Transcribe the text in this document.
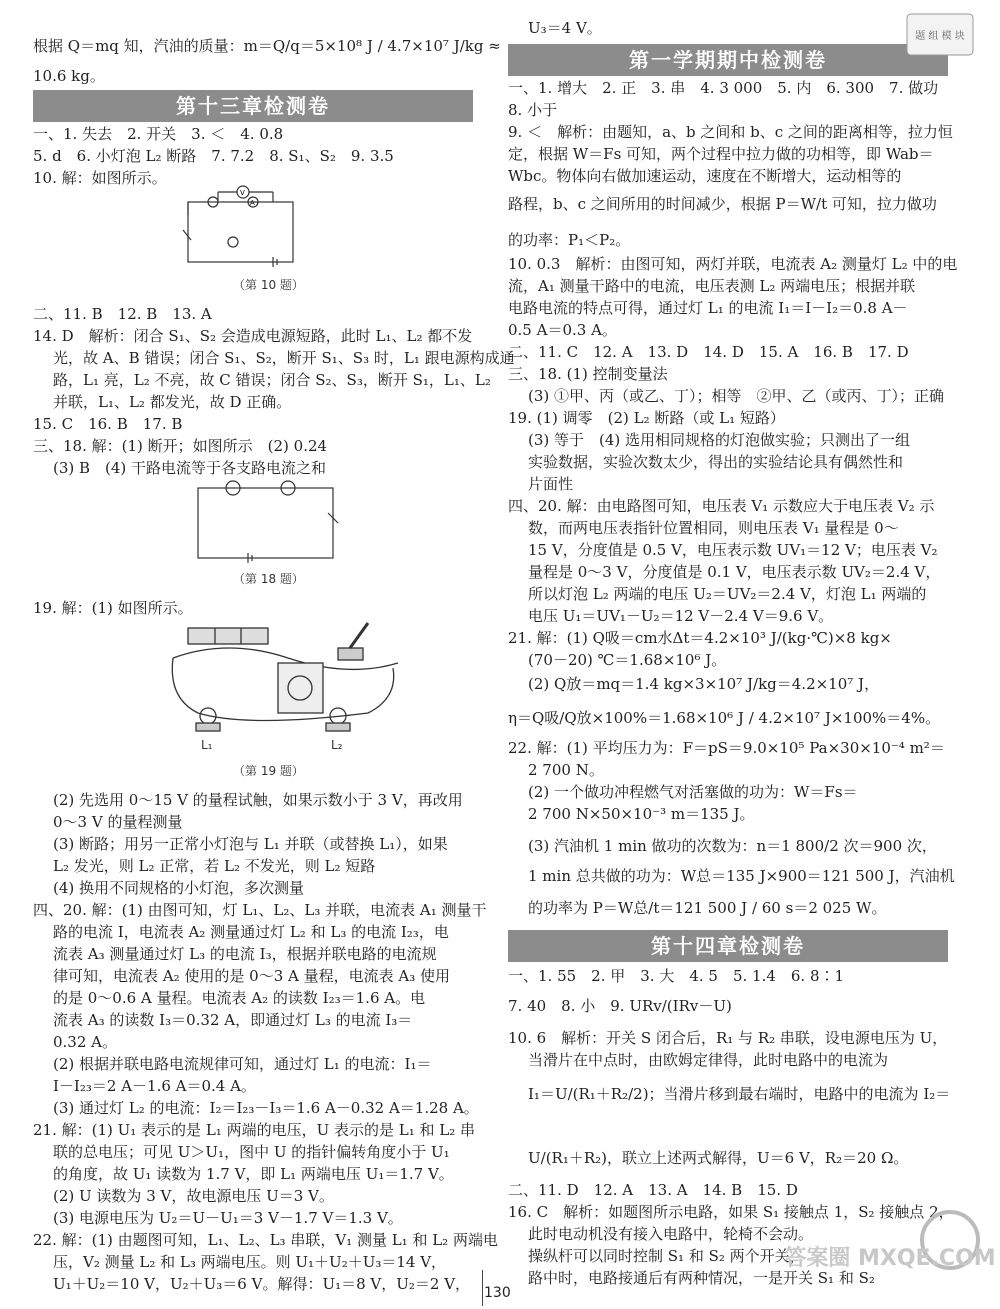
根据 Q＝mq 知，汽油的质量：m＝Q/q＝5×10⁸ J / 4.7×10⁷ J/kg ≈
10.6 kg。
第十三章检测卷
一、1. 失去　2. 开关　3. ＜　4. 0.8
5. d　6. 小灯泡 L₂ 断路　7. 7.2　8. S₁、S₂　9. 3.5
10. 解：如图所示。
V
A
（第 10 题）
二、11. B　12. B　13. A
14. D　解析：闭合 S₁、S₂ 会造成电源短路，此时 L₁、L₂ 都不发
光，故 A、B 错误；闭合 S₁、S₂，断开 S₁、S₃ 时，L₁ 跟电源构成通
路，L₁ 亮，L₂ 不亮，故 C 错误；闭合 S₂、S₃，断开 S₁，L₁、L₂
并联，L₁、L₂ 都发光，故 D 正确。
15. C　16. B　17. B
三、18. 解：(1) 断开；如图所示　(2) 0.24
(3) B　(4) 干路电流等于各支路电流之和
（第 18 题）
19. 解：(1) 如图所示。
L₁	L₂
（第 19 题）
(2) 先选用 0～15 V 的量程试触，如果示数小于 3 V，再改用
0～3 V 的量程测量
(3) 断路；用另一正常小灯泡与 L₁ 并联（或替换 L₁），如果
L₂ 发光，则 L₂ 正常，若 L₂ 不发光，则 L₂ 短路
(4) 换用不同规格的小灯泡，多次测量
四、20. 解：(1) 由图可知，灯 L₁、L₂、L₃ 并联，电流表 A₁ 测量干
路的电流 I，电流表 A₂ 测量通过灯 L₂ 和 L₃ 的电流 I₂₃，电
流表 A₃ 测量通过灯 L₃ 的电流 I₃，根据并联电路的电流规
律可知，电流表 A₂ 使用的是 0～3 A 量程，电流表 A₃ 使用
的是 0～0.6 A 量程。电流表 A₂ 的读数 I₂₃＝1.6 A。电
流表 A₃ 的读数 I₃＝0.32 A，即通过灯 L₃ 的电流 I₃＝
0.32 A。
(2) 根据并联电路电流规律可知，通过灯 L₁ 的电流：I₁＝
I－I₂₃＝2 A－1.6 A＝0.4 A。
(3) 通过灯 L₂ 的电流：I₂＝I₂₃－I₃＝1.6 A－0.32 A＝1.28 A。
21. 解：(1) U₁ 表示的是 L₁ 两端的电压，U 表示的是 L₁ 和 L₂ 串
联的总电压；可见 U＞U₁，图中 U 的指针偏转角度小于 U₁
的角度，故 U₁ 读数为 1.7 V，即 L₁ 两端电压 U₁＝1.7 V。
(2) U 读数为 3 V，故电源电压 U＝3 V。
(3) 电源电压为 U₂＝U－U₁＝3 V－1.7 V＝1.3 V。
22. 解：(1) 由题图可知，L₁、L₂、L₃ 串联，V₁ 测量 L₁ 和 L₂ 两端电
压，V₂ 测量 L₂ 和 L₃ 两端电压。则 U₁＋U₂＋U₃＝14 V，
U₁＋U₂＝10 V，U₂＋U₃＝6 V。解得：U₁＝8 V，U₂＝2 V，
U₃＝4 V。
第一学期期中检测卷
一、1. 增大　2. 正　3. 串　4. 3 000　5. 内　6. 300　7. 做功
8. 小于
9. ＜　解析：由题知，a、b 之间和 b、c 之间的距离相等，拉力恒
定，根据 W＝Fs 可知，两个过程中拉力做的功相等，即 Wab＝
Wbc。物体向右做加速运动，速度在不断增大，运动相等的
路程，b、c 之间所用的时间减少，根据 P＝W/t 可知，拉力做功
的功率：P₁＜P₂。
10. 0.3　解析：由图可知，两灯并联，电流表 A₂ 测量灯 L₂ 中的电
流，A₁ 测量干路中的电流，电压表测 L₂ 两端电压；根据并联
电路电流的特点可得，通过灯 L₁ 的电流 I₁＝I－I₂＝0.8 A－
0.5 A＝0.3 A。
二、11. C　12. A　13. D　14. D　15. A　16. B　17. D
三、18. (1) 控制变量法
(3) ①甲、丙（或乙、丁）；相等　②甲、乙（或丙、丁）；正确
19. (1) 调零　(2) L₂ 断路（或 L₁ 短路）
(3) 等于　(4) 选用相同规格的灯泡做实验；只测出了一组
实验数据，实验次数太少，得出的实验结论具有偶然性和
片面性
四、20. 解：由电路图可知，电压表 V₁ 示数应大于电压表 V₂ 示
数，而两电压表指针位置相同，则电压表 V₁ 量程是 0～
15 V，分度值是 0.5 V，电压表示数 UV₁＝12 V；电压表 V₂
量程是 0～3 V，分度值是 0.1 V，电压表示数 UV₂＝2.4 V，
所以灯泡 L₂ 两端的电压 U₂＝UV₂＝2.4 V，灯泡 L₁ 两端的
电压 U₁＝UV₁－U₂＝12 V－2.4 V＝9.6 V。
21. 解：(1) Q吸＝cm水Δt＝4.2×10³ J/(kg·℃)×8 kg×
(70－20) ℃＝1.68×10⁶ J。
(2) Q放＝mq＝1.4 kg×3×10⁷ J/kg＝4.2×10⁷ J，
η＝Q吸/Q放×100%＝1.68×10⁶ J / 4.2×10⁷ J×100%＝4%。
22. 解：(1) 平均压力为：F＝pS＝9.0×10⁵ Pa×30×10⁻⁴ m²＝
2 700 N。
(2) 一个做功冲程燃气对活塞做的功为：W＝Fs＝
2 700 N×50×10⁻³ m＝135 J。
(3) 汽油机 1 min 做功的次数为：n＝1 800/2 次＝900 次，
1 min 总共做的功为：W总＝135 J×900＝121 500 J，汽油机
的功率为 P＝W总/t＝121 500 J / 60 s＝2 025 W。
第十四章检测卷
一、1. 55　2. 甲　3. 大　4. 5　5. 1.4　6. 8∶1
7. 40　8. 小　9. URv/(IRv－U)
10. 6　解析：开关 S 闭合后，R₁ 与 R₂ 串联，设电源电压为 U，
当滑片在中点时，由欧姆定律得，此时电路中的电流为
I₁＝U/(R₁＋R₂/2)；当滑片移到最右端时，电路中的电流为 I₂＝
U/(R₁＋R₂)，联立上述两式解得，U＝6 V，R₂＝20 Ω。
二、11. D　12. A　13. A　14. B　15. D
16. C　解析：如题图所示电路，如果 S₁ 接触点 1，S₂ 接触点 2，
此时电动机没有接入电路中，轮椅不会动。
操纵杆可以同时控制 S₁ 和 S₂ 两个开关，
路中时，电路接通后有两种情况，一是开关 S₁ 和 S₂
题 组 模 块
答案圈 MXQE.COM
130
